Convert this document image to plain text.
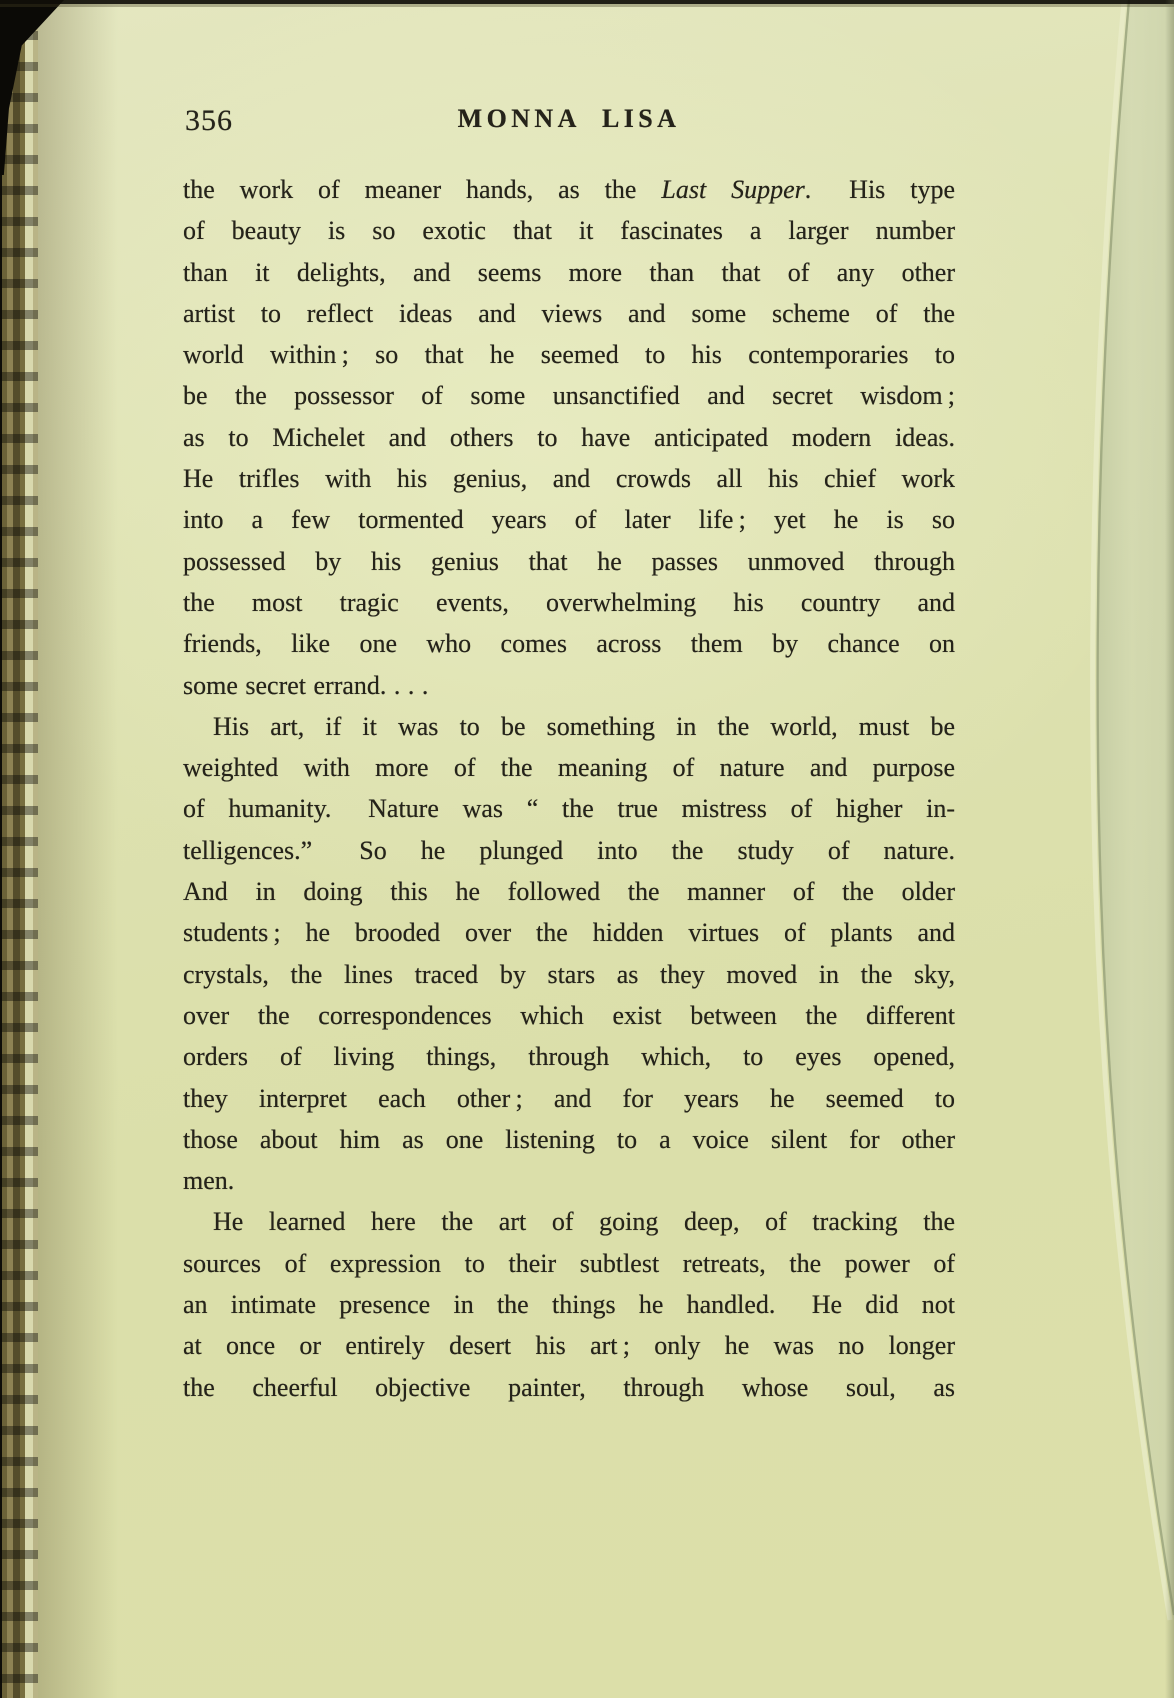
356	MONNA LISA
the work of meaner hands, as the Last Supper.  His type
of beauty is so exotic that it fascinates a larger number
than it delights, and seems more than that of any other
artist to reflect ideas and views and some scheme of the
world within ; so that he seemed to his contemporaries to
be the possessor of some unsanctified and secret wisdom ;
as to Michelet and others to have anticipated modern ideas.
He trifles with his genius, and crowds all his chief work
into a few tormented years of later life ; yet he is so
possessed by his genius that he passes unmoved through
the most tragic events, overwhelming his country and
friends, like one who comes across them by chance on
some secret errand. . . .
His art, if it was to be something in the world, must be
weighted with more of the meaning of nature and purpose
of humanity.  Nature was “ the true mistress of higher in-
telligences.”  So he plunged into the study of nature.
And in doing this he followed the manner of the older
students ; he brooded over the hidden virtues of plants and
crystals, the lines traced by stars as they moved in the sky,
over the correspondences which exist between the different
orders of living things, through which, to eyes opened,
they interpret each other ; and for years he seemed to
those about him as one listening to a voice silent for other
men.
He learned here the art of going deep, of tracking the
sources of expression to their subtlest retreats, the power of
an intimate presence in the things he handled.  He did not
at once or entirely desert his art ; only he was no longer
the cheerful objective painter, through whose soul, as
